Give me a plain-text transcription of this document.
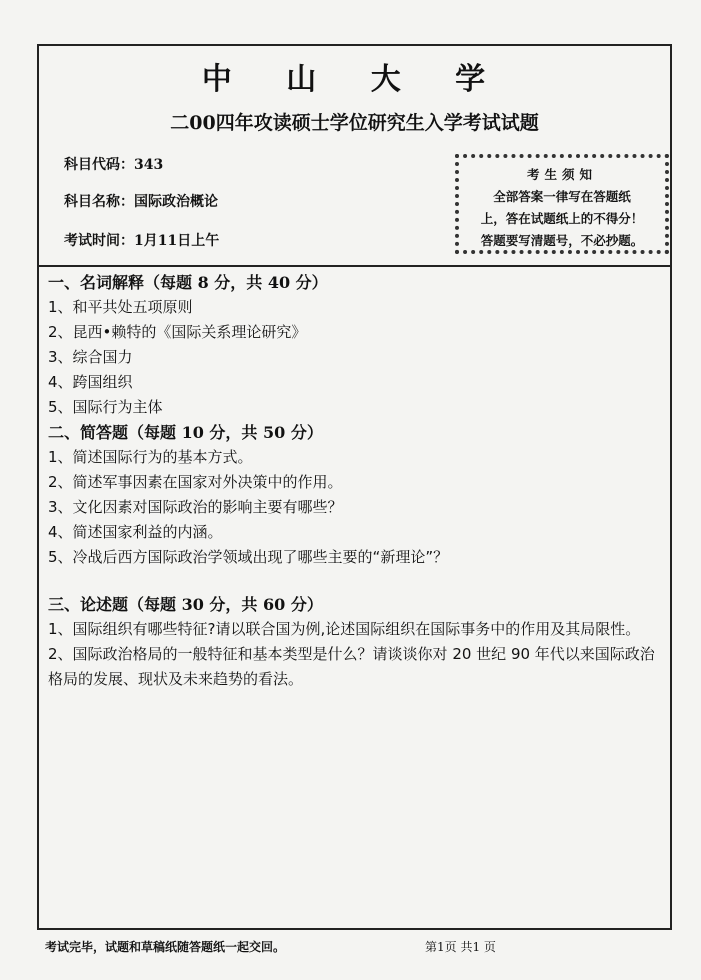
中 山 大 学
二00四年攻读硕士学位研究生入学考试试题
科目代码：343
科目名称：国际政治概论
考试时间：1月11日上午
考生须知
全部答案一律写在答题纸
上，答在试题纸上的不得分！
答题要写清题号，不必抄题。
一、名词解释（每题 8 分，共 40 分）
1、和平共处五项原则
2、昆西•赖特的《国际关系理论研究》
3、综合国力
4、跨国组织
5、国际行为主体
二、简答题（每题 10 分，共 50 分）
1、简述国际行为的基本方式。
2、简述军事因素在国家对外决策中的作用。
3、文化因素对国际政治的影响主要有哪些？
4、简述国家利益的内涵。
5、冷战后西方国际政治学领域出现了哪些主要的“新理论”？
三、论述题（每题 30 分，共 60 分）
1、国际组织有哪些特征?请以联合国为例,论述国际组织在国际事务中的作用及其局限性。
2、国际政治格局的一般特征和基本类型是什么？请谈谈你对 20 世纪 90 年代以来国际政治格局的发展、现状及未来趋势的看法。
考试完毕，试题和草稿纸随答题纸一起交回。	第1页 共1 页
